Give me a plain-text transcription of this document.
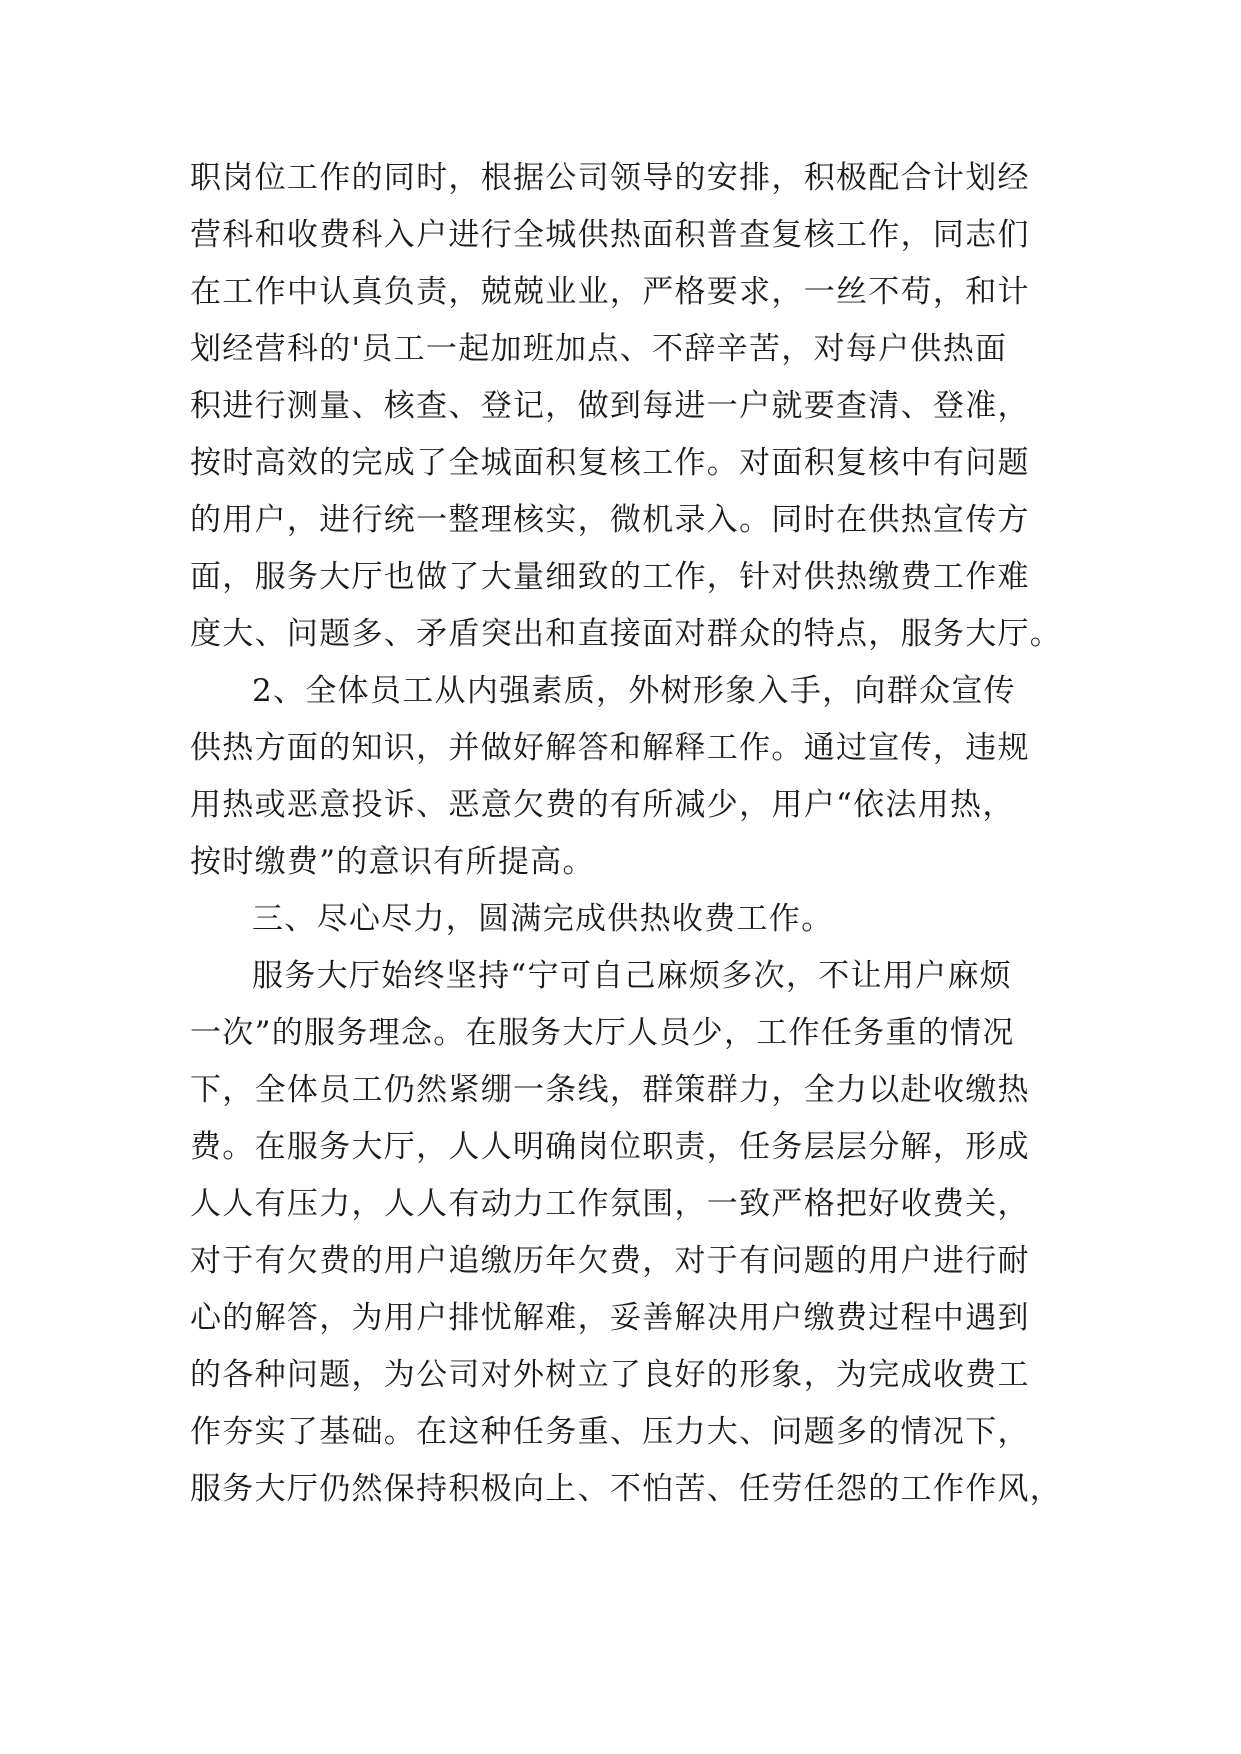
职岗位工作的同时，根据公司领导的安排，积极配合计划经
营科和收费科入户进行全城供热面积普查复核工作，同志们
在工作中认真负责，兢兢业业，严格要求，一丝不苟，和计
划经营科的'员工一起加班加点、不辞辛苦，对每户供热面
积进行测量、核查、登记，做到每进一户就要查清、登准，
按时高效的完成了全城面积复核工作。对面积复核中有问题
的用户，进行统一整理核实，微机录入。同时在供热宣传方
面，服务大厅也做了大量细致的工作，针对供热缴费工作难
度大、问题多、矛盾突出和直接面对群众的特点，服务大厅。
2、全体员工从内强素质，外树形象入手，向群众宣传
供热方面的知识，并做好解答和解释工作。通过宣传，违规
用热或恶意投诉、恶意欠费的有所减少，用户“依法用热，
按时缴费”的意识有所提高。
三、尽心尽力，圆满完成供热收费工作。
服务大厅始终坚持“宁可自己麻烦多次，不让用户麻烦
一次”的服务理念。在服务大厅人员少，工作任务重的情况
下，全体员工仍然紧绷一条线，群策群力，全力以赴收缴热
费。在服务大厅，人人明确岗位职责，任务层层分解，形成
人人有压力，人人有动力工作氛围，一致严格把好收费关，
对于有欠费的用户追缴历年欠费，对于有问题的用户进行耐
心的解答，为用户排忧解难，妥善解决用户缴费过程中遇到
的各种问题，为公司对外树立了良好的形象，为完成收费工
作夯实了基础。在这种任务重、压力大、问题多的情况下，
服务大厅仍然保持积极向上、不怕苦、任劳任怨的工作作风，
